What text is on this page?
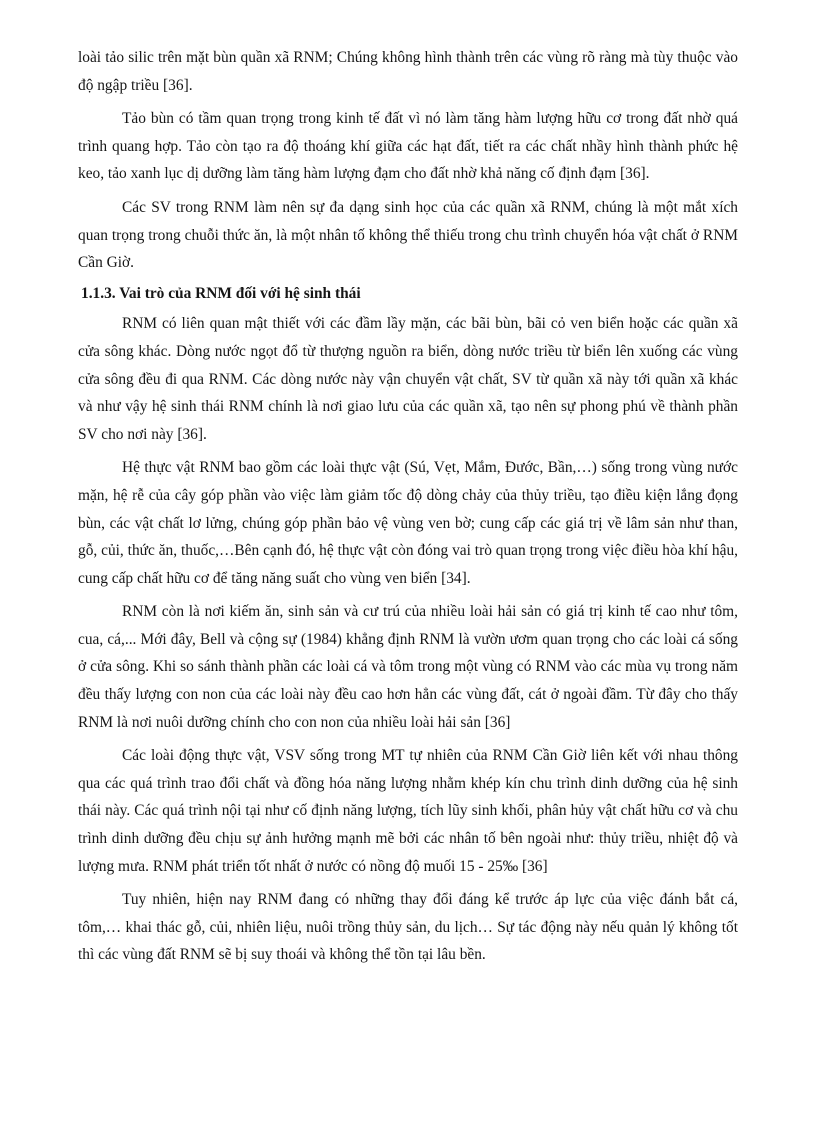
loài tảo silic trên mặt bùn quần xã RNM; Chúng không hình thành trên các vùng rõ ràng mà tùy thuộc vào độ ngập triều [36].

Tảo bùn có tầm quan trọng trong kinh tế đất vì nó làm tăng hàm lượng hữu cơ trong đất nhờ quá trình quang hợp. Tảo còn tạo ra độ thoáng khí giữa các hạt đất, tiết ra các chất nhầy hình thành phức hệ keo, tảo xanh lục dị dưỡng làm tăng hàm lượng đạm cho đất nhờ khả năng cố định đạm [36].

Các SV trong RNM làm nên sự đa dạng sinh học của các quần xã RNM, chúng là một mắt xích quan trọng trong chuỗi thức ăn, là một nhân tố không thể thiếu trong chu trình chuyển hóa vật chất ở RNM Cần Giờ.

1.1.3. Vai trò của RNM đối với hệ sinh thái

RNM có liên quan mật thiết với các đầm lầy mặn, các bãi bùn, bãi cỏ ven biển hoặc các quần xã cửa sông khác. Dòng nước ngọt đổ từ thượng nguồn ra biển, dòng nước triều từ biển lên xuống các vùng cửa sông đều đi qua RNM. Các dòng nước này vận chuyển vật chất, SV từ quần xã này tới quần xã khác và như vậy hệ sinh thái RNM chính là nơi giao lưu của các quần xã, tạo nên sự phong phú về thành phần SV cho nơi này [36].

Hệ thực vật RNM bao gồm các loài thực vật (Sú, Vẹt, Mắm, Đước, Bần,…) sống trong vùng nước mặn, hệ rễ của cây góp phần vào việc làm giảm tốc độ dòng chảy của thủy triều, tạo điều kiện lắng đọng bùn, các vật chất lơ lửng, chúng góp phần bảo vệ vùng ven bờ; cung cấp các giá trị về lâm sản như than, gỗ, củi, thức ăn, thuốc,…Bên cạnh đó, hệ thực vật còn đóng vai trò quan trọng trong việc điều hòa khí hậu, cung cấp chất hữu cơ để tăng năng suất cho vùng ven biển [34].

RNM còn là nơi kiếm ăn, sinh sản và cư trú của nhiều loài hải sản có giá trị kinh tế cao như tôm, cua, cá,... Mới đây, Bell và cộng sự (1984) khẳng định RNM là vườn ươm quan trọng cho các loài cá sống ở cửa sông. Khi so sánh thành phần các loài cá và tôm trong một vùng có RNM vào các mùa vụ trong năm đều thấy lượng con non của các loài này đều cao hơn hẳn các vùng đất, cát ở ngoài đầm. Từ đây cho thấy RNM là nơi nuôi dưỡng chính cho con non của nhiều loài hải sản [36]

Các loài động thực vật, VSV sống trong MT tự nhiên của RNM Cần Giờ liên kết với nhau thông qua các quá trình trao đổi chất và đồng hóa năng lượng nhằm khép kín chu trình dinh dưỡng của hệ sinh thái này. Các quá trình nội tại như cố định năng lượng, tích lũy sinh khối, phân hủy vật chất hữu cơ và chu trình dinh dưỡng đều chịu sự ảnh hưởng mạnh mẽ bởi các nhân tố bên ngoài như: thủy triều, nhiệt độ và lượng mưa. RNM phát triển tốt nhất ở nước có nồng độ muối 15 - 25‰ [36]

Tuy nhiên, hiện nay RNM đang có những thay đổi đáng kể trước áp lực của việc đánh bắt cá, tôm,… khai thác gỗ, củi, nhiên liệu, nuôi trồng thủy sản, du lịch… Sự tác động này nếu quản lý không tốt thì các vùng đất RNM sẽ bị suy thoái và không thể tồn tại lâu bền.
